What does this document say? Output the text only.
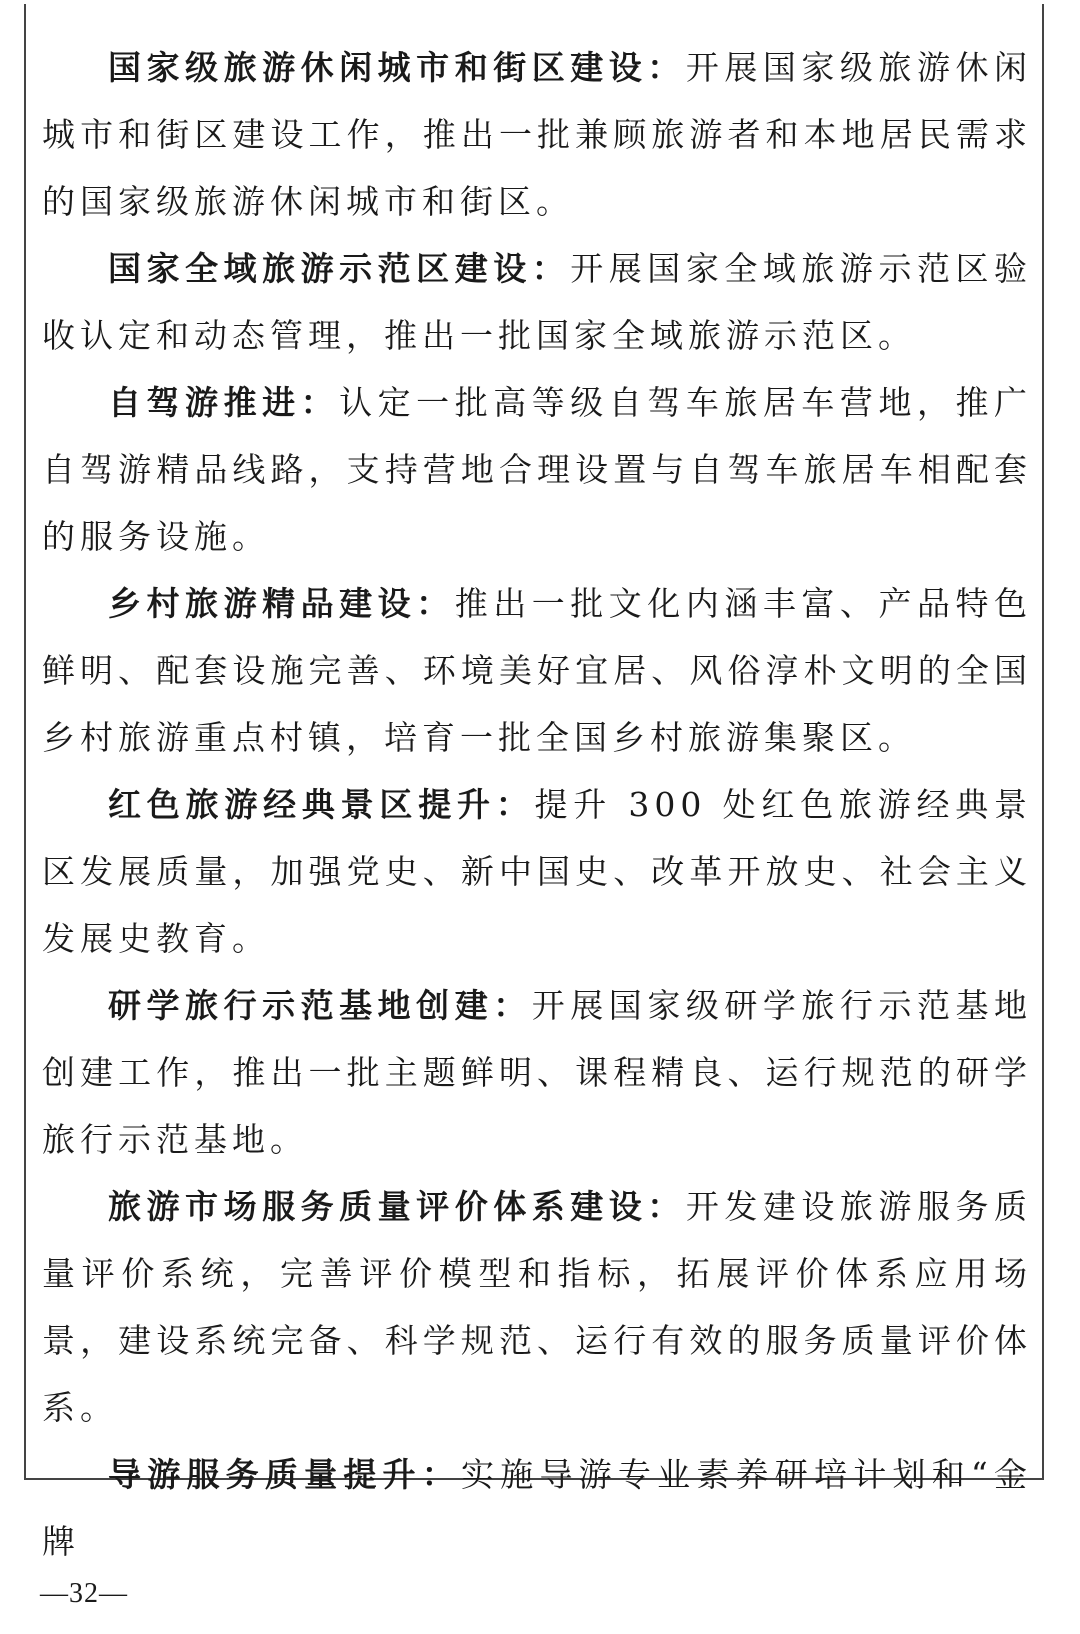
国家级旅游休闲城市和街区建设：开展国家级旅游休闲城市和街区建设工作，推出一批兼顾旅游者和本地居民需求的国家级旅游休闲城市和街区。

国家全域旅游示范区建设：开展国家全域旅游示范区验收认定和动态管理，推出一批国家全域旅游示范区。

自驾游推进：认定一批高等级自驾车旅居车营地，推广自驾游精品线路，支持营地合理设置与自驾车旅居车相配套的服务设施。

乡村旅游精品建设：推出一批文化内涵丰富、产品特色鲜明、配套设施完善、环境美好宜居、风俗淳朴文明的全国乡村旅游重点村镇，培育一批全国乡村旅游集聚区。

红色旅游经典景区提升：提升 300 处红色旅游经典景区发展质量，加强党史、新中国史、改革开放史、社会主义发展史教育。

研学旅行示范基地创建：开展国家级研学旅行示范基地创建工作，推出一批主题鲜明、课程精良、运行规范的研学旅行示范基地。

旅游市场服务质量评价体系建设：开发建设旅游服务质量评价系统，完善评价模型和指标，拓展评价体系应用场景，建设系统完备、科学规范、运行有效的服务质量评价体系。

导游服务质量提升：实施导游专业素养研培计划和“金牌

—32—
